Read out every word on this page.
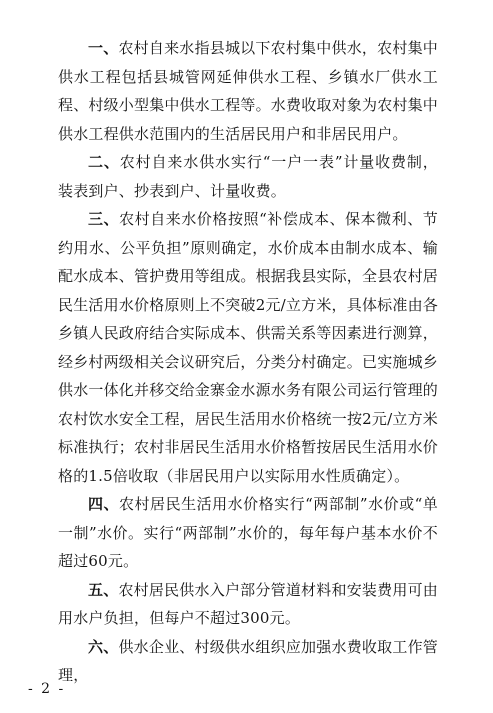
一、农村自来水指县城以下农村集中供水，农村集中供水工程包括县城管网延伸供水工程、乡镇水厂供水工程、村级小型集中供水工程等。水费收取对象为农村集中供水工程供水范围内的生活居民用户和非居民用户。

二、农村自来水供水实行“一户一表”计量收费制，装表到户、抄表到户、计量收费。

三、农村自来水价格按照“补偿成本、保本微利、节约用水、公平负担”原则确定，水价成本由制水成本、输配水成本、管护费用等组成。根据我县实际，全县农村居民生活用水价格原则上不突破2元/立方米，具体标准由各乡镇人民政府结合实际成本、供需关系等因素进行测算，经乡村两级相关会议研究后，分类分村确定。已实施城乡供水一体化并移交给金寨金水源水务有限公司运行管理的农村饮水安全工程，居民生活用水价格统一按2元/立方米标准执行；农村非居民生活用水价格暂按居民生活用水价格的1.5倍收取（非居民用户以实际用水性质确定）。

四、农村居民生活用水价格实行“两部制”水价或“单一制”水价。实行“两部制”水价的，每年每户基本水价不超过60元。

五、农村居民供水入户部分管道材料和安装费用可由用水户负担，但每户不超过300元。

六、供水企业、村级供水组织应加强水费收取工作管理，

- 2 -
